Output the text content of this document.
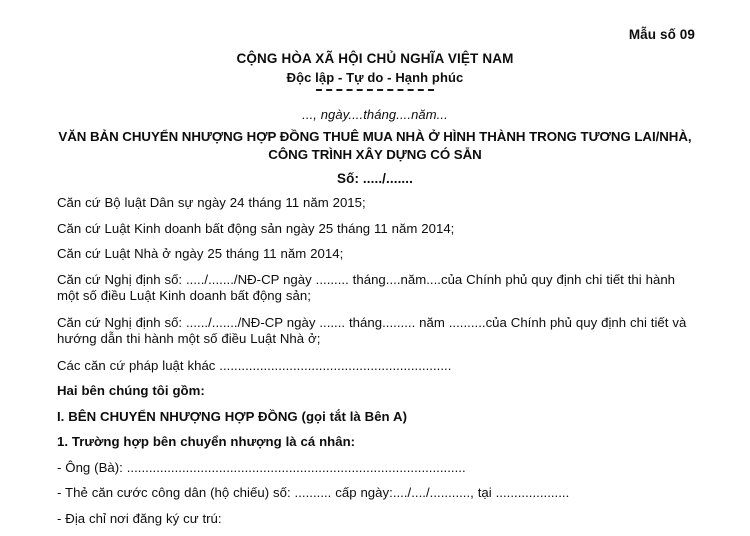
Mẫu số 09
CỘNG HÒA XÃ HỘI CHỦ NGHĨA VIỆT NAM
Độc lập - Tự do - Hạnh phúc
..., ngày....tháng....năm...
VĂN BẢN CHUYỂN NHƯỢNG HỢP ĐỒNG THUÊ MUA NHÀ Ở HÌNH THÀNH TRONG TƯƠNG LAI/NHÀ, CÔNG TRÌNH XÂY DỰNG CÓ SẴN
Số: ...../.......
Căn cứ Bộ luật Dân sự ngày 24 tháng 11 năm 2015;
Căn cứ Luật Kinh doanh bất động sản ngày 25 tháng 11 năm 2014;
Căn cứ Luật Nhà ở ngày 25 tháng 11 năm 2014;
Căn cứ Nghị định số: ...../......./NĐ-CP ngày ......... tháng....năm....của Chính phủ quy định chi tiết thi hành một số điều Luật Kinh doanh bất động sản;
Căn cứ Nghị định số: ....../......./NĐ-CP ngày ....... tháng......... năm ..........của Chính phủ quy định chi tiết và hướng dẫn thi hành một số điều Luật Nhà ở;
Các căn cứ pháp luật khác ...............................................................
Hai bên chúng tôi gồm:
I. BÊN CHUYỂN NHƯỢNG HỢP ĐỒNG (gọi tắt là Bên A)
1. Trường hợp bên chuyển nhượng là cá nhân:
- Ông (Bà): ............................................................................................
- Thẻ căn cước công dân (hộ chiếu) số: .......... cấp ngày:..../..../..........., tại ....................
- Địa chỉ nơi đăng ký cư trú:
